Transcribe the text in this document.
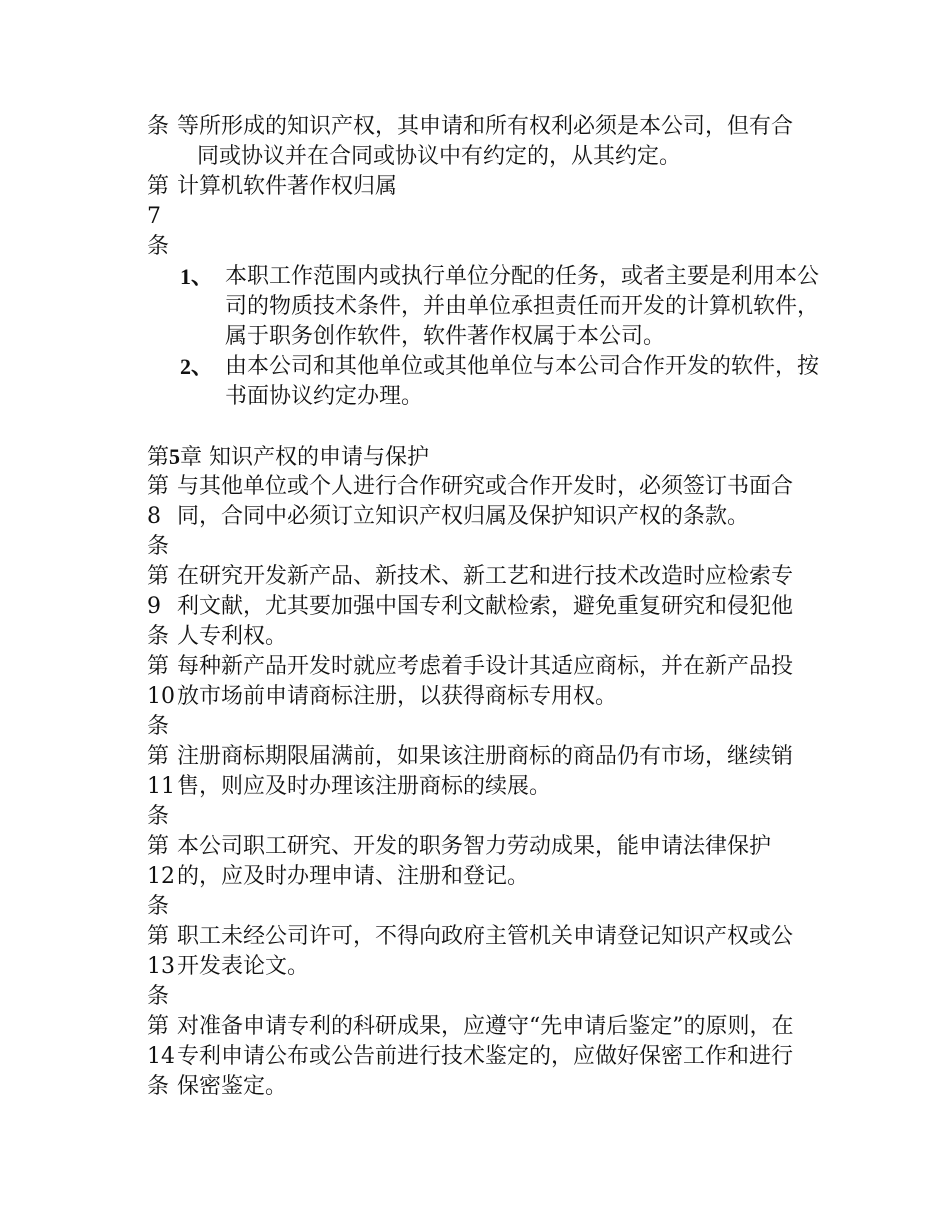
条 等所形成的知识产权，其申请和所有权利必须是本公司，但有合
同或协议并在合同或协议中有约定的，从其约定。
第
7
条
计算机软件著作权归属
1、 本职工作范围内或执行单位分配的任务，或者主要是利用本公司的物质技术条件，并由单位承担责任而开发的计算机软件，属于职务创作软件，软件著作权属于本公司。
2、 由本公司和其他单位或其他单位与本公司合作开发的软件，按书面协议约定办理。
第5章 知识产权的申请与保护
第
8
条
与其他单位或个人进行合作研究或合作开发时，必须签订书面合
同，合同中必须订立知识产权归属及保护知识产权的条款。
第
9
条
在研究开发新产品、新技术、新工艺和进行技术改造时应检索专
利文献，尤其要加强中国专利文献检索，避免重复研究和侵犯他
人专利权。
第
10
条
每种新产品开发时就应考虑着手设计其适应商标，并在新产品投
放市场前申请商标注册，以获得商标专用权。
第
11
条
注册商标期限届满前，如果该注册商标的商品仍有市场，继续销
售，则应及时办理该注册商标的续展。
第
12
条
本公司职工研究、开发的职务智力劳动成果，能申请法律保护
的，应及时办理申请、注册和登记。
第
13
条
职工未经公司许可，不得向政府主管机关申请登记知识产权或公
开发表论文。
第
14
条
对准备申请专利的科研成果，应遵守“先申请后鉴定”的原则，在
专利申请公布或公告前进行技术鉴定的，应做好保密工作和进行
保密鉴定。
